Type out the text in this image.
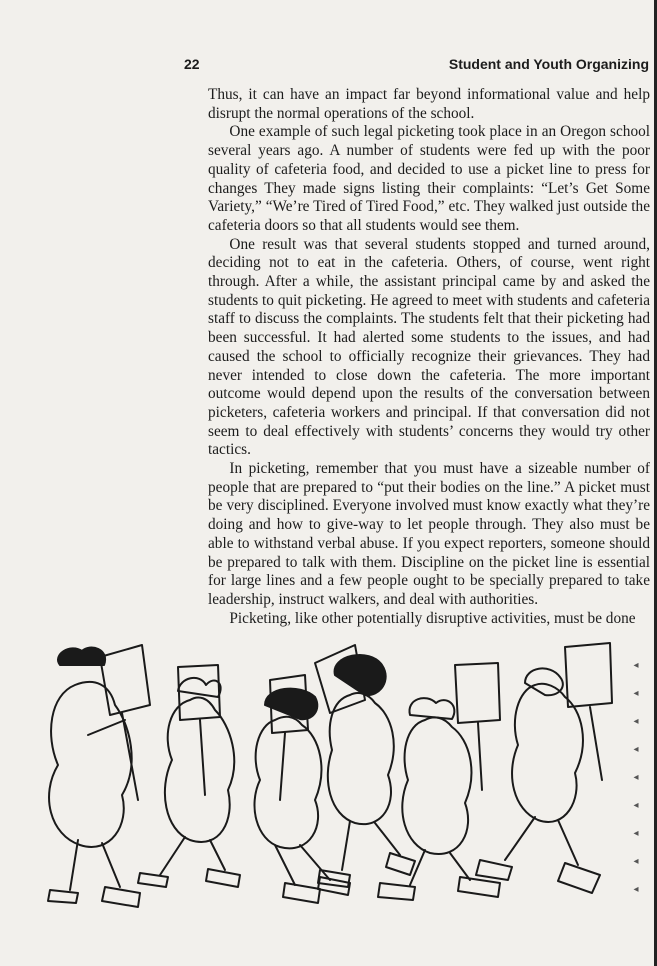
22	Student and Youth Organizing

Thus, it can have an impact far beyond informational value and help disrupt the normal operations of the school.

One example of such legal picketing took place in an Oregon school several years ago. A number of students were fed up with the poor quality of cafeteria food, and decided to use a picket line to press for changes They made signs listing their complaints: “Let’s Get Some Variety,” “We’re Tired of Tired Food,” etc. They walked just outside the cafeteria doors so that all students would see them.

One result was that several students stopped and turned around, deciding not to eat in the cafeteria. Others, of course, went right through. After a while, the assistant principal came by and asked the students to quit picketing. He agreed to meet with students and cafeteria staff to discuss the complaints. The students felt that their picketing had been successful. It had alerted some students to the issues, and had caused the school to officially recognize their grievances. They had never intended to close down the cafeteria. The more important outcome would depend upon the results of the conversation between picketers, cafeteria workers and principal. If that conversation did not seem to deal effectively with students’ concerns they would try other tactics.

In picketing, remember that you must have a sizeable number of people that are prepared to “put their bodies on the line.” A picket must be very disciplined. Everyone involved must know exactly what they’re doing and how to give-way to let people through. They also must be able to withstand verbal abuse. If you expect reporters, someone should be prepared to talk with them. Discipline on the picket line is essential for large lines and a few people ought to be specially prepared to take leadership, instruct walkers, and deal with authorities.

Picketing, like other potentially disruptive activities, must be done

◂
◂
◂
◂
◂
◂
◂
◂
◂
